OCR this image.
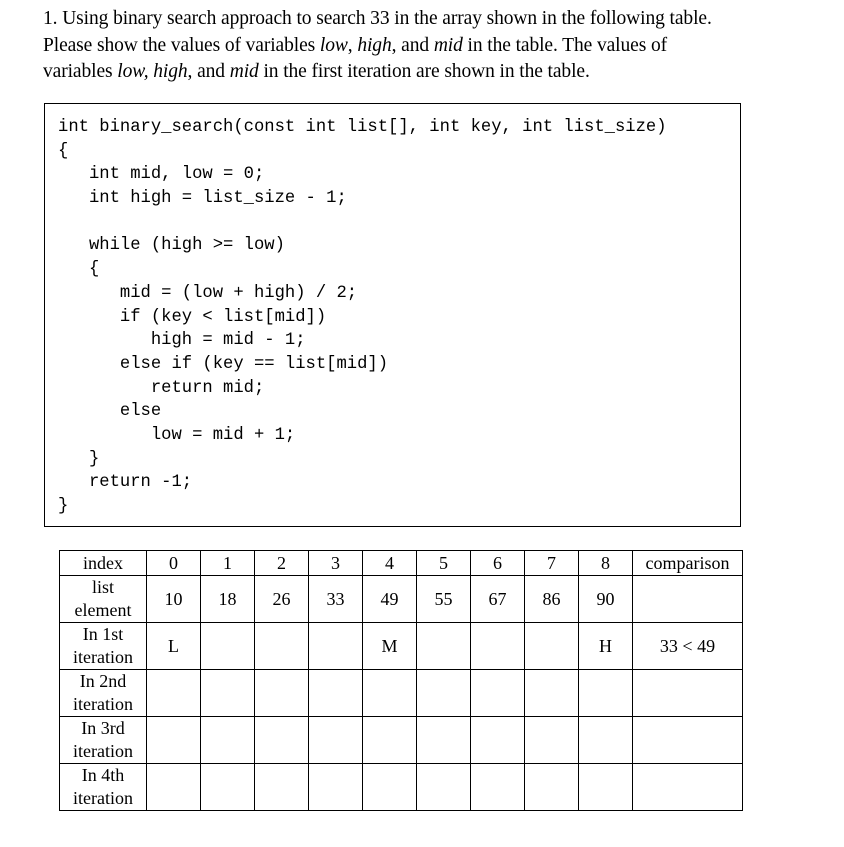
1. Using binary search approach to search 33 in the array shown in the following table.
Please show the values of variables low, high, and mid in the table. The values of
variables low, high, and mid in the first iteration are shown in the table.
int binary_search(const int list[], int key, int list_size)
{
int mid, low = 0;
int high = list_size - 1;
while (high >= low)
{
mid = (low + high) / 2;
if (key < list[mid])
high = mid - 1;
else if (key == list[mid])
return mid;
else
low = mid + 1;
}
return -1;
}
index	0	1	2	3	4	5	6	7	8	comparison

list
element	10	18	26	33	49	55	67	86	90	

In 1st
iteration	L				M				H	33 < 49

In 2nd
iteration										

In 3rd
iteration										

In 4th
iteration										
